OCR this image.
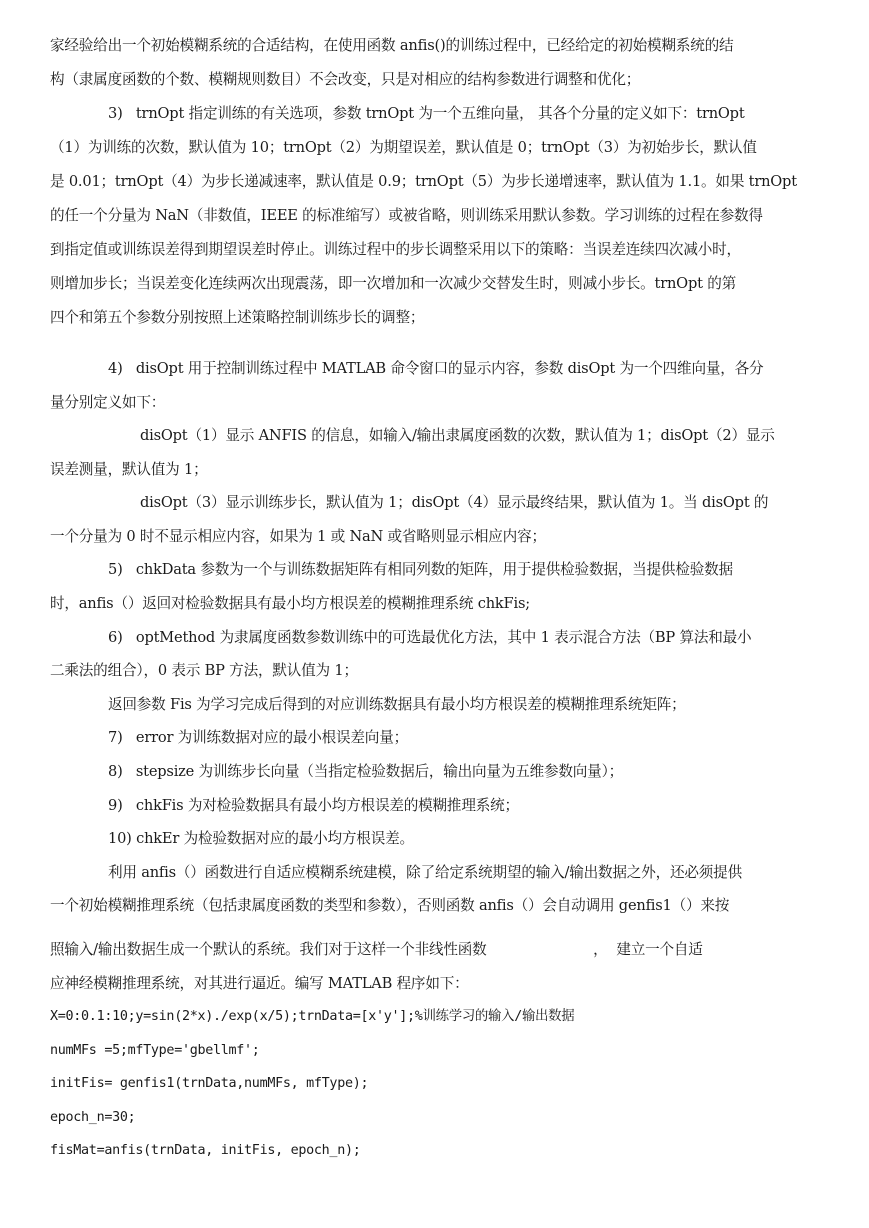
家经验给出一个初始模糊系统的合适结构，在使用函数 anfis()的训练过程中，已经给定的初始模糊系统的结
构（隶属度函数的个数、模糊规则数目）不会改变，只是对相应的结构参数进行调整和优化；
3)   trnOpt 指定训练的有关选项，参数 trnOpt 为一个五维向量， 其各个分量的定义如下：trnOpt
（1）为训练的次数，默认值为 10；trnOpt（2）为期望误差，默认值是 0；trnOpt（3）为初始步长，默认值
是 0.01；trnOpt（4）为步长递减速率，默认值是 0.9；trnOpt（5）为步长递增速率，默认值为 1.1。如果 trnOpt
的任一个分量为 NaN（非数值，IEEE 的标准缩写）或被省略，则训练采用默认参数。学习训练的过程在参数得
到指定值或训练误差得到期望误差时停止。训练过程中的步长调整采用以下的策略：当误差连续四次减小时，
则增加步长；当误差变化连续两次出现震荡，即一次增加和一次减少交替发生时，则减小步长。trnOpt 的第
四个和第五个参数分别按照上述策略控制训练步长的调整；
4)   disOpt 用于控制训练过程中 MATLAB 命令窗口的显示内容，参数 disOpt 为一个四维向量，各分
量分别定义如下：
disOpt（1）显示 ANFIS 的信息，如输入/输出隶属度函数的次数，默认值为 1；disOpt（2）显示
误差测量，默认值为 1；
disOpt（3）显示训练步长，默认值为 1；disOpt（4）显示最终结果，默认值为 1。当 disOpt 的
一个分量为 0 时不显示相应内容，如果为 1 或 NaN 或省略则显示相应内容；
5)   chkData 参数为一个与训练数据矩阵有相同列数的矩阵，用于提供检验数据，当提供检验数据
时，anfis（）返回对检验数据具有最小均方根误差的模糊推理系统 chkFis;
6)   optMethod 为隶属度函数参数训练中的可选最优化方法，其中 1 表示混合方法（BP 算法和最小
二乘法的组合），0 表示 BP 方法，默认值为 1；
返回参数 Fis 为学习完成后得到的对应训练数据具有最小均方根误差的模糊推理系统矩阵；
7)   error 为训练数据对应的最小根误差向量；
8)   stepsize 为训练步长向量（当指定检验数据后，输出向量为五维参数向量）；
9)   chkFis 为对检验数据具有最小均方根误差的模糊推理系统；
10) chkEr 为检验数据对应的最小均方根误差。
利用 anfis（）函数进行自适应模糊系统建模，除了给定系统期望的输入/输出数据之外，还必须提供
一个初始模糊推理系统（包括隶属度函数的类型和参数），否则函数 anfis（）会自动调用 genfis1（）来按
照输入/输出数据生成一个默认的系统。我们对于这样一个非线性函数                        ，  建立一个自适
应神经模糊推理系统，对其进行逼近。编写 MATLAB 程序如下：
X=0:0.1:10;y=sin(2*x)./exp(x/5);trnData=[x'y'];%训练学习的输入/输出数据
numMFs =5;mfType='gbellmf';
initFis= genfis1(trnData,numMFs, mfType);
epoch_n=30;
fisMat=anfis(trnData, initFis, epoch_n);
